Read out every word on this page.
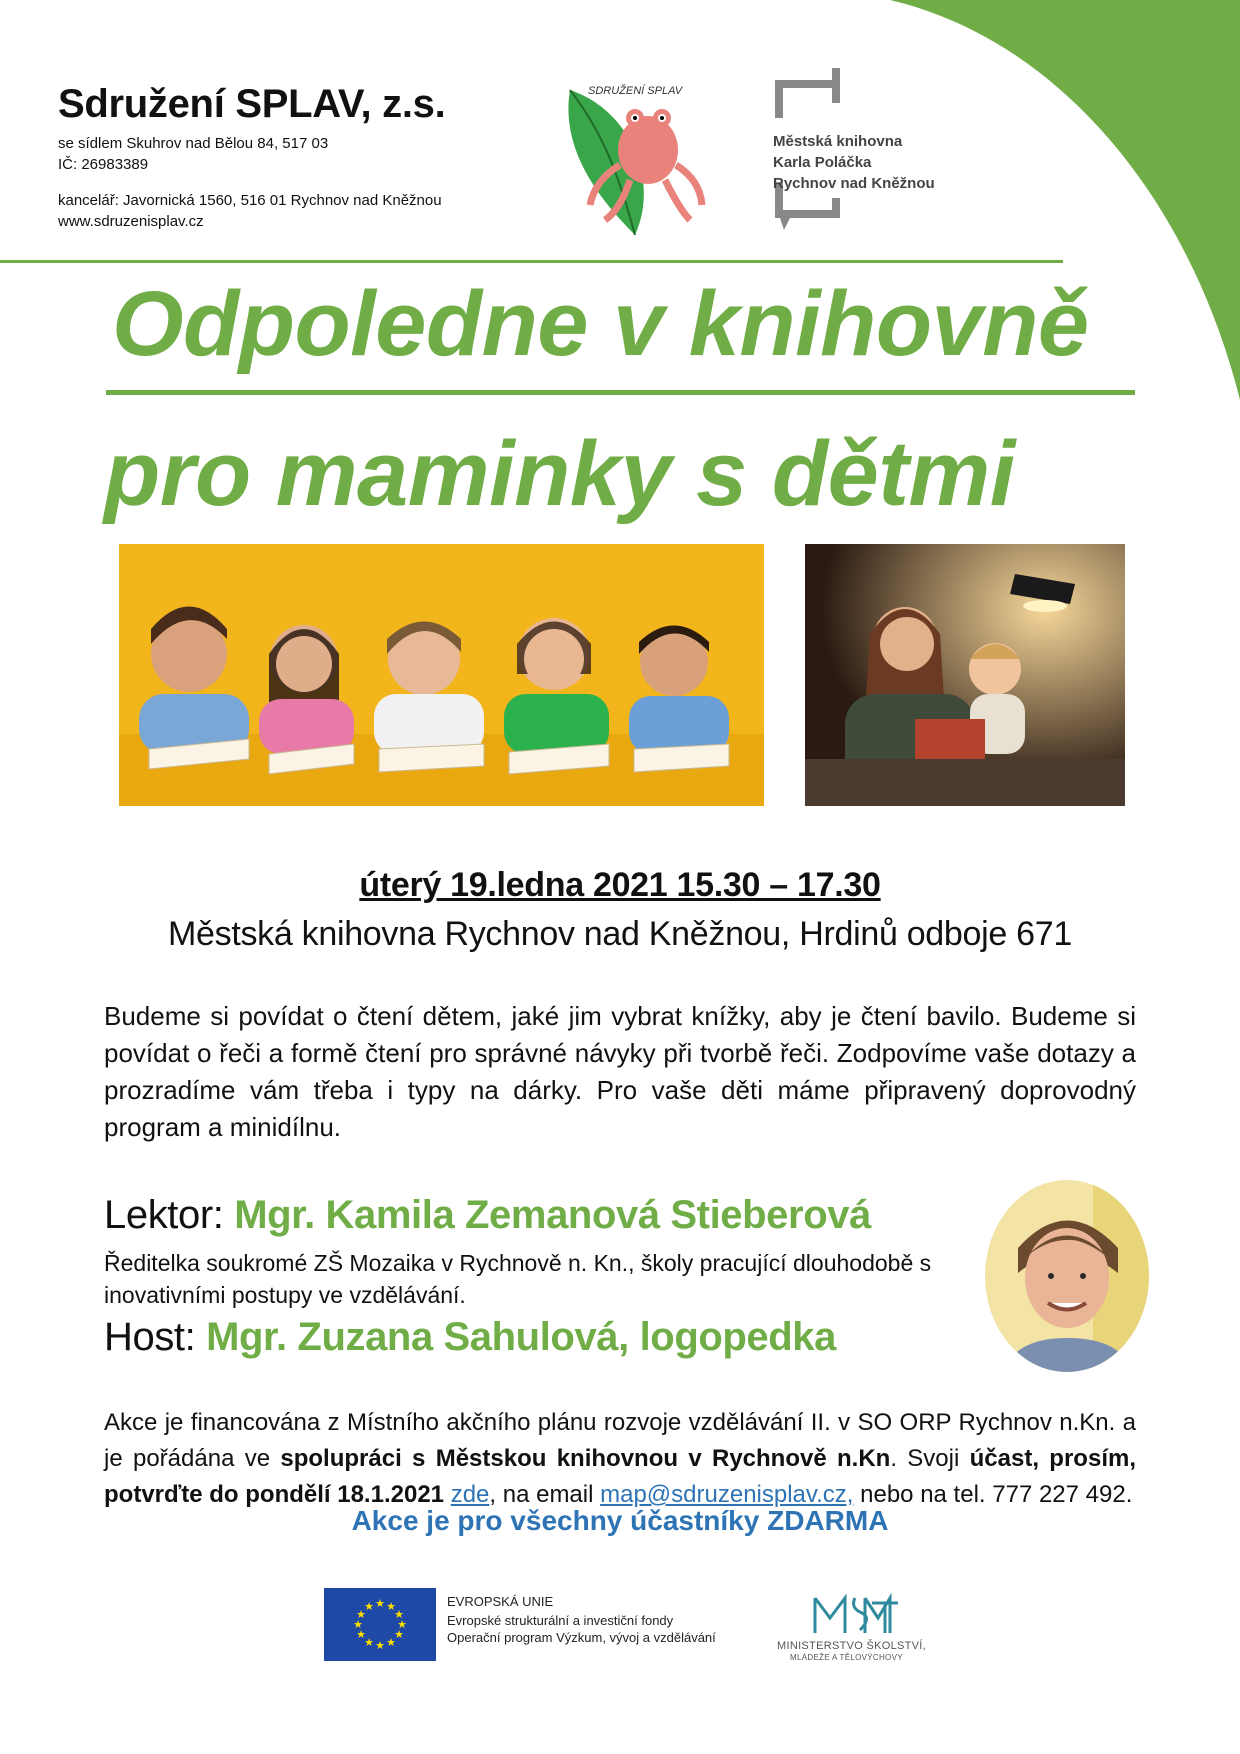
Sdružení SPLAV, z.s.
se sídlem Skuhrov nad Bělou 84, 517 03
IČ: 26983389
kancelář: Javornická 1560, 516 01 Rychnov nad Kněžnou
www.sdruzenisplav.cz
SDRUŽENÍ SPLAV
Městská knihovna
Karla Poláčka
Rychnov nad Kněžnou
Odpoledne v knihovně
pro maminky s dětmi
úterý 19.ledna 2021 15.30 – 17.30
Městská knihovna Rychnov nad Kněžnou, Hrdinů odboje 671
Budeme si povídat o čtení dětem, jaké jim vybrat knížky, aby je čtení bavilo. Budeme si povídat o řeči a formě čtení pro správné návyky při tvorbě řeči. Zodpovíme vaše dotazy a prozradíme vám třeba i typy na dárky. Pro vaše děti máme připravený doprovodný program a minidílnu.
Lektor: Mgr. Kamila Zemanová Stieberová
Ředitelka soukromé ZŠ Mozaika v Rychnově n. Kn., školy pracující dlouhodobě s inovativními postupy ve vzdělávání.
Host: Mgr. Zuzana Sahulová, logopedka
Akce je financována z Místního akčního plánu rozvoje vzdělávání II. v SO ORP Rychnov n.Kn. a je pořádána ve spolupráci s Městskou knihovnou v Rychnově n.Kn. Svoji účast, prosím, potvrďte do pondělí 18.1.2021 zde, na email map@sdruzenisplav.cz, nebo na tel. 777 227 492.
Akce je pro všechny účastníky ZDARMA
★ ★
★
★
★
★
★
★
★
★
★
★	EVROPSKÁ UNIE
Evropské strukturální a investiční fondy
Operační program Výzkum, vývoj a vzdělávání
MINISTERSTVO ŠKOLSTVÍ,
MLÁDEŽE A TĚLOVÝCHOVY
